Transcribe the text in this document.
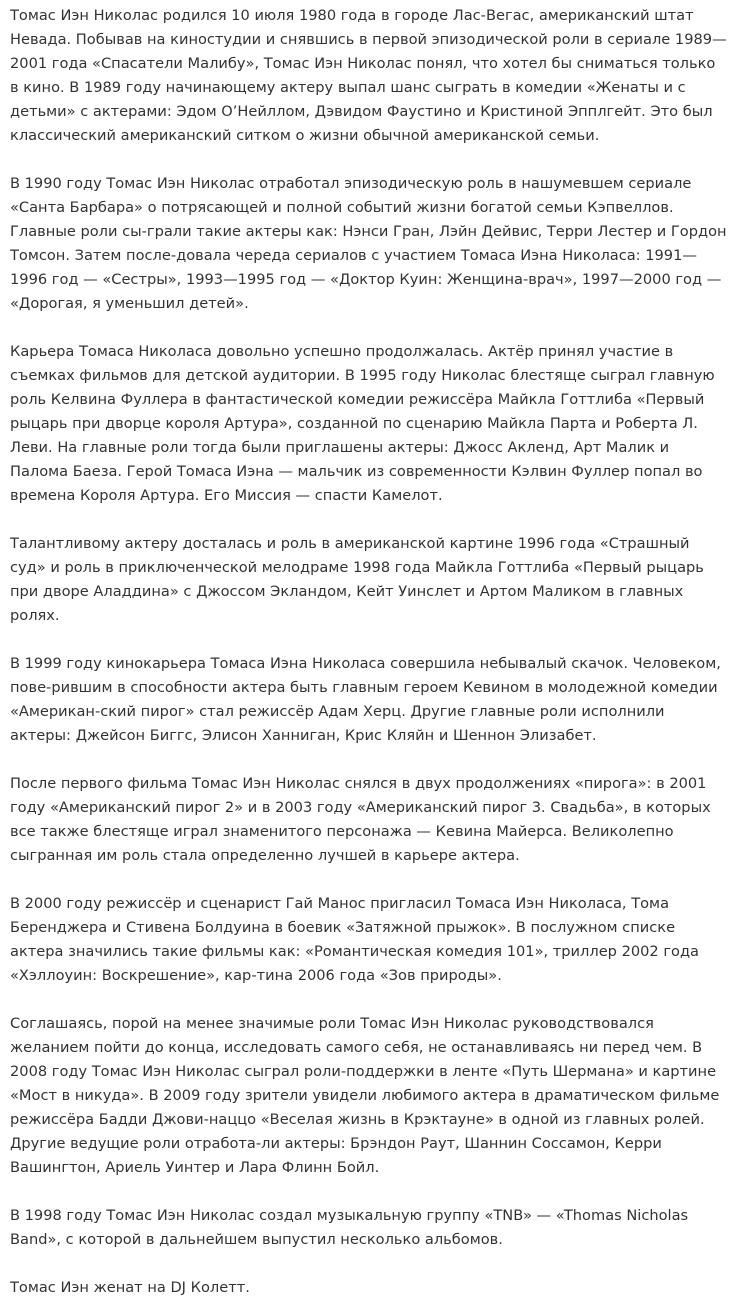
Томас Иэн Николас родился 10 июля 1980 года в городе Лас-Вегас, американский штат Невада. Побывав на киностудии и снявшись в первой эпизодической роли в сериале 1989—2001 года «Спасатели Малибу», Томас Иэн Николас понял, что хотел бы сниматься только в кино. В 1989 году начинающему актеру выпал шанс сыграть в комедии «Женаты и с детьми» с актерами: Эдом О’Нейллом, Дэвидом Фаустино и Кристиной Эпплгейт. Это был классический американский ситком о жизни обычной американской семьи.

В 1990 году Томас Иэн Николас отработал эпизодическую роль в нашумевшем сериале «Санта Барбара» о потрясающей и полной событий жизни богатой семьи Кэпвеллов. Главные роли сы-грали такие актеры как: Нэнси Гран, Лэйн Дейвис, Терри Лестер и Гордон Томсон. Затем после-довала череда сериалов с участием Томаса Иэна Николаса: 1991—1996 год — «Сестры», 1993—1995 год — «Доктор Куин: Женщина-врач», 1997—2000 год — «Дорогая, я уменьшил детей».

Карьера Томаса Николаса довольно успешно продолжалась. Актёр принял участие в съемках фильмов для детской аудитории. В 1995 году Николас блестяще сыграл главную роль Келвина Фуллера в фантастической комедии режиссёра Майкла Готтлиба «Первый рыцарь при дворце короля Артура», созданной по сценарию Майкла Парта и Роберта Л. Леви. На главные роли тогда были приглашены актеры: Джосс Акленд, Арт Малик и Палома Баеза. Герой Томаса Иэна — мальчик из современности Кэлвин Фуллер попал во времена Короля Артура. Его Миссия — спасти Камелот.

Талантливому актеру досталась и роль в американской картине 1996 года «Страшный суд» и роль в приключенческой мелодраме 1998 года Майкла Готтлиба «Первый рыцарь при дворе Аладдина» с Джоссом Экландом, Кейт Уинслет и Артом Маликом в главных ролях.

В 1999 году кинокарьера Томаса Иэна Николаса совершила небывалый скачок. Человеком, пове-рившим в способности актера быть главным героем Кевином в молодежной комедии «Американ-ский пирог» стал режиссёр Адам Херц. Другие главные роли исполнили актеры: Джейсон Биггс, Элисон Ханниган, Крис Кляйн и Шеннон Элизабет.

После первого фильма Томас Иэн Николас снялся в двух продолжениях «пирога»: в 2001 году «Американский пирог 2» и в 2003 году «Американский пирог 3. Свадьба», в которых все также блестяще играл знаменитого персонажа — Кевина Майерса. Великолепно сыгранная им роль стала определенно лучшей в карьере актера.

В 2000 году режиссёр и сценарист Гай Манос пригласил Томаса Иэн Николаса, Тома Беренджера и Стивена Болдуина в боевик «Затяжной прыжок». В послужном списке актера значились такие фильмы как: «Романтическая комедия 101», триллер 2002 года «Хэллоуин: Воскрешение», кар-тина 2006 года «Зов природы».

Соглашаясь, порой на менее значимые роли Томас Иэн Николас руководствовался желанием пойти до конца, исследовать самого себя, не останавливаясь ни перед чем. В 2008 году Томас Иэн Николас сыграл роли-поддержки в ленте «Путь Шермана» и картине «Мост в никуда». В 2009 году зрители увидели любимого актера в драматическом фильме режиссёра Бадди Джови-наццо «Веселая жизнь в Крэктауне» в одной из главных ролей. Другие ведущие роли отработа-ли актеры: Брэндон Раут, Шаннин Соссамон, Керри Вашингтон, Ариель Уинтер и Лара Флинн Бойл.

В 1998 году Томас Иэн Николас создал музыкальную группу «TNB» — «Thomas Nicholas Band», с которой в дальнейшем выпустил несколько альбомов.

Томас Иэн женат на DJ Колетт.
